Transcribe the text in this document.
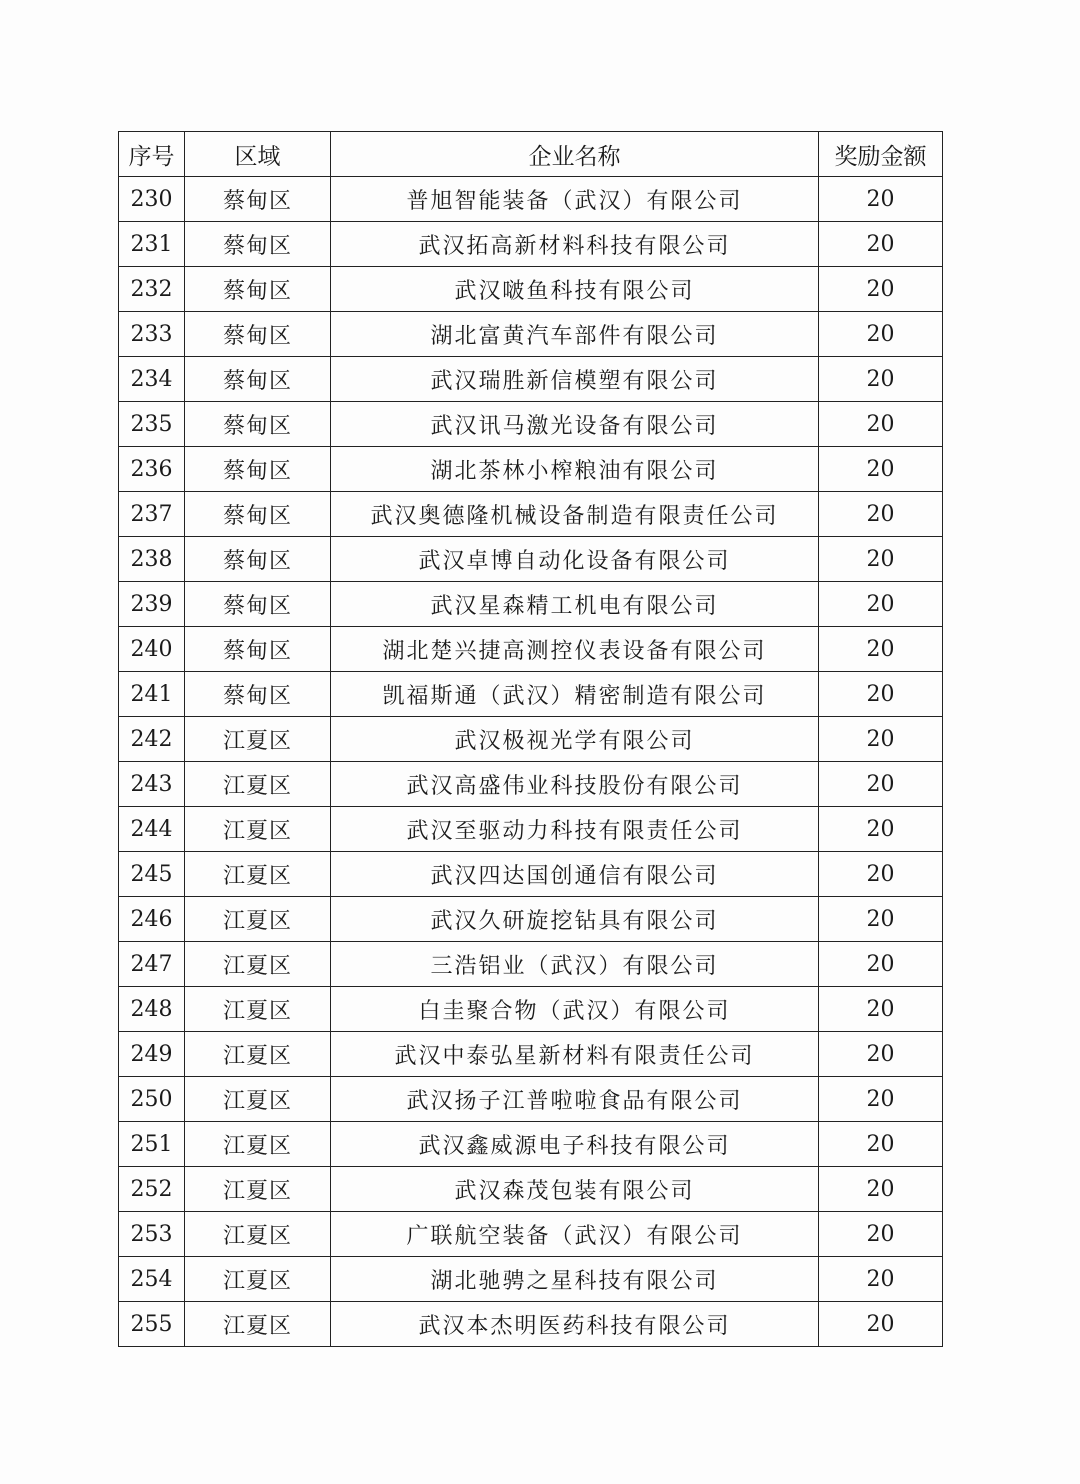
序号	区域	企业名称	奖励金额
230	蔡甸区	普旭智能装备（武汉）有限公司	20
231	蔡甸区	武汉拓高新材料科技有限公司	20
232	蔡甸区	武汉啵鱼科技有限公司	20
233	蔡甸区	湖北富黄汽车部件有限公司	20
234	蔡甸区	武汉瑞胜新信模塑有限公司	20
235	蔡甸区	武汉讯马激光设备有限公司	20
236	蔡甸区	湖北茶林小榨粮油有限公司	20
237	蔡甸区	武汉奥德隆机械设备制造有限责任公司	20
238	蔡甸区	武汉卓博自动化设备有限公司	20
239	蔡甸区	武汉星森精工机电有限公司	20
240	蔡甸区	湖北楚兴捷高测控仪表设备有限公司	20
241	蔡甸区	凯福斯通（武汉）精密制造有限公司	20
242	江夏区	武汉极视光学有限公司	20
243	江夏区	武汉高盛伟业科技股份有限公司	20
244	江夏区	武汉至驱动力科技有限责任公司	20
245	江夏区	武汉四达国创通信有限公司	20
246	江夏区	武汉久研旋挖钻具有限公司	20
247	江夏区	三浩铝业（武汉）有限公司	20
248	江夏区	白圭聚合物（武汉）有限公司	20
249	江夏区	武汉中泰弘星新材料有限责任公司	20
250	江夏区	武汉扬子江普啦啦食品有限公司	20
251	江夏区	武汉鑫威源电子科技有限公司	20
252	江夏区	武汉森茂包装有限公司	20
253	江夏区	广联航空装备（武汉）有限公司	20
254	江夏区	湖北驰骋之星科技有限公司	20
255	江夏区	武汉本杰明医药科技有限公司	20
